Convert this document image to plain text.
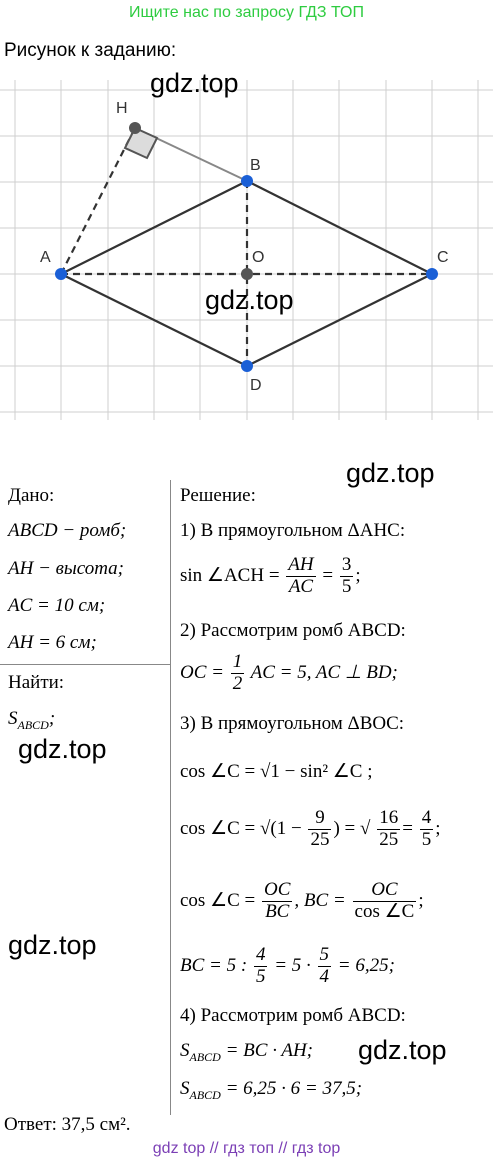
Ищите нас по запросу ГДЗ ТОП
Рисунок к заданию:
H
A
B
C
D
O
gdz.top
gdz.top
gdz.top
gdz.top
gdz.top
gdz.top
Дано:
ABCD − ромб;
AH − высота;
AC = 10 см;
AH = 6 см;
Найти:
$S_{ABCD}$;
Решение:
1) В прямоугольном ΔAHC:
sin ∠ACH = $\frac{AH}{AC} = \frac{3}{5}$ ;
2) Рассмотрим ромб ABCD:
OC = $\frac{1}{2}$ AC = 5, AC ⊥ BD;
3) В прямоугольном ΔBOC:
cos ∠C = √1 − sin² ∠C ;
cos ∠C = $√(1 - \frac{9}{25}$ ) = √ $\frac{16}{25} = \frac{4}{5}$ ;
cos ∠C = $\frac{OC}{BC}$ , BC = $\frac{OC}{\cos \angle C}$ ;
BC = 5 : $\frac{4}{5} = 5 \cdot \frac{5}{4} = 6,25$;
4) Рассмотрим ромб ABCD:
$S_{ABCD}$ = BC · AH;
$S_{ABCD} = 6,25 \cdot 6 = 37,5$;
Ответ: 37,5 см².
gdz top // гдз топ // гдз top
